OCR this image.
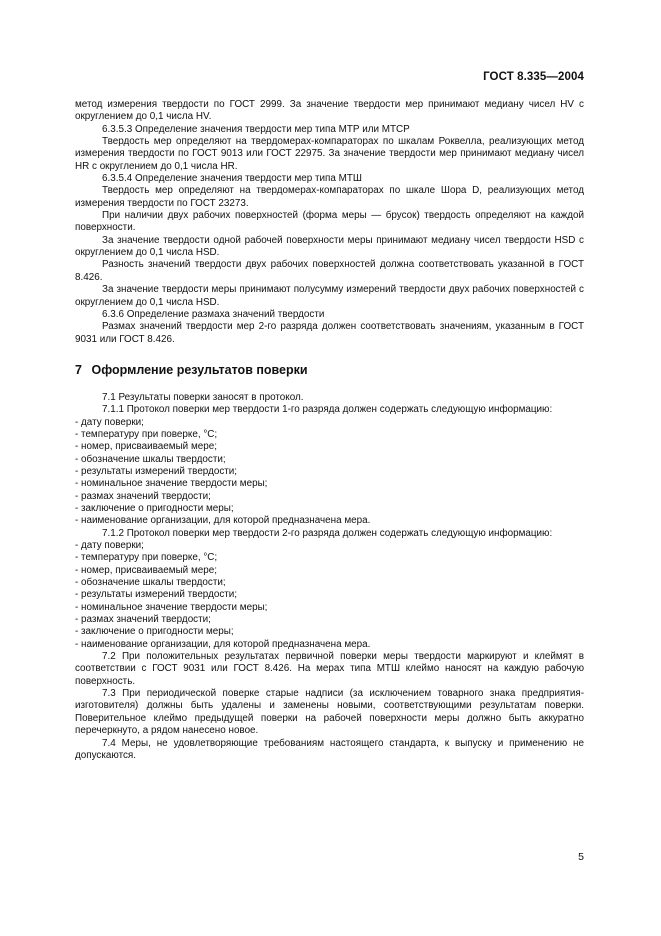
ГОСТ 8.335—2004

метод измерения твердости по ГОСТ 2999. За значение твердости мер принимают медиану чисел HV с округлением до 0,1 числа HV.

6.3.5.3 Определение значения твердости мер типа МТР или МТСР

Твердость мер определяют на твердомерах-компараторах по шкалам Роквелла, реализующих метод измерения твердости по ГОСТ 9013 или ГОСТ 22975. За значение твердости мер принимают медиану чисел HR с округлением до 0,1 числа HR.

6.3.5.4 Определение значения твердости мер типа МТШ

Твердость мер определяют на твердомерах-компараторах по шкале Шора D, реализующих метод измерения твердости по ГОСТ 23273.

При наличии двух рабочих поверхностей (форма меры — брусок) твердость определяют на каждой поверхности.

За значение твердости одной рабочей поверхности меры принимают медиану чисел твердости HSD с округлением до 0,1 числа HSD.

Разность значений твердости двух рабочих поверхностей должна соответствовать указанной в ГОСТ 8.426.

За значение твердости меры принимают полусумму измерений твердости двух рабочих поверхностей с округлением до 0,1 числа HSD.

6.3.6 Определение размаха значений твердости

Размах значений твердости мер 2-го разряда должен соответствовать значениям, указанным в ГОСТ 9031 или ГОСТ 8.426.

7 Оформление результатов поверки

7.1 Результаты поверки заносят в протокол.

7.1.1 Протокол поверки мер твердости 1-го разряда должен содержать следующую информацию:

- дату поверки;

- температуру при поверке, °С;

- номер, присваиваемый мере;

- обозначение шкалы твердости;

- результаты измерений твердости;

- номинальное значение твердости меры;

- размах значений твердости;

- заключение о пригодности меры;

- наименование организации, для которой предназначена мера.

7.1.2 Протокол поверки мер твердости 2-го разряда должен содержать следующую информацию:

- дату поверки;

- температуру при поверке, °С;

- номер, присваиваемый мере;

- обозначение шкалы твердости;

- результаты измерений твердости;

- номинальное значение твердости меры;

- размах значений твердости;

- заключение о пригодности меры;

- наименование организации, для которой предназначена мера.

7.2 При положительных результатах первичной поверки меры твердости маркируют и клеймят в соответствии с ГОСТ 9031 или ГОСТ 8.426. На мерах типа МТШ клеймо наносят на каждую рабочую поверхность.

7.3 При периодической поверке старые надписи (за исключением товарного знака предприятия-изготовителя) должны быть удалены и заменены новыми, соответствующими результатам поверки. Поверительное клеймо предыдущей поверки на рабочей поверхности меры должно быть аккуратно перечеркнуто, а рядом нанесено новое.

7.4 Меры, не удовлетворяющие требованиям настоящего стандарта, к выпуску и применению не допускаются.

5
